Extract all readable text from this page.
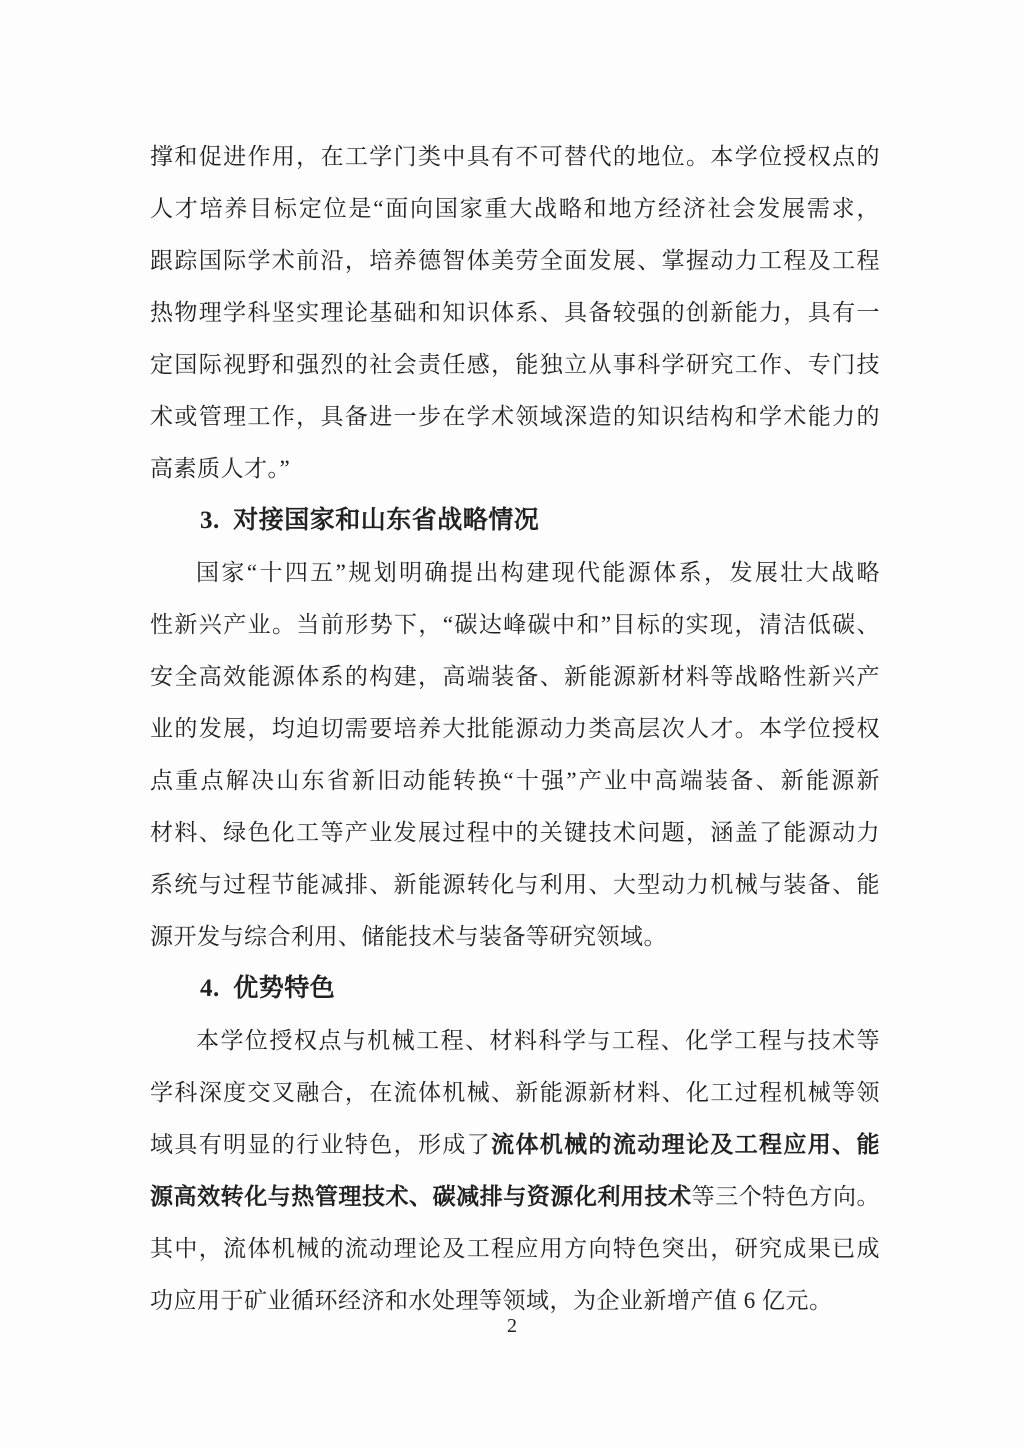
撑和促进作用，在工学门类中具有不可替代的地位。本学位授权点的
人才培养目标定位是“面向国家重大战略和地方经济社会发展需求，
跟踪国际学术前沿，培养德智体美劳全面发展、掌握动力工程及工程
热物理学科坚实理论基础和知识体系、具备较强的创新能力，具有一
定国际视野和强烈的社会责任感，能独立从事科学研究工作、专门技
术或管理工作，具备进一步在学术领域深造的知识结构和学术能力的
高素质人才。”
3.  对接国家和山东省战略情况
国家“十四五”规划明确提出构建现代能源体系，发展壮大战略
性新兴产业。当前形势下，“碳达峰碳中和”目标的实现，清洁低碳、
安全高效能源体系的构建，高端装备、新能源新材料等战略性新兴产
业的发展，均迫切需要培养大批能源动力类高层次人才。本学位授权
点重点解决山东省新旧动能转换“十强”产业中高端装备、新能源新
材料、绿色化工等产业发展过程中的关键技术问题，涵盖了能源动力
系统与过程节能减排、新能源转化与利用、大型动力机械与装备、能
源开发与综合利用、储能技术与装备等研究领域。
4.  优势特色
本学位授权点与机械工程、材料科学与工程、化学工程与技术等
学科深度交叉融合，在流体机械、新能源新材料、化工过程机械等领
域具有明显的行业特色，形成了流体机械的流动理论及工程应用、能
源高效转化与热管理技术、碳减排与资源化利用技术等三个特色方向。
其中，流体机械的流动理论及工程应用方向特色突出，研究成果已成
功应用于矿业循环经济和水处理等领域，为企业新增产值 6 亿元。
2
